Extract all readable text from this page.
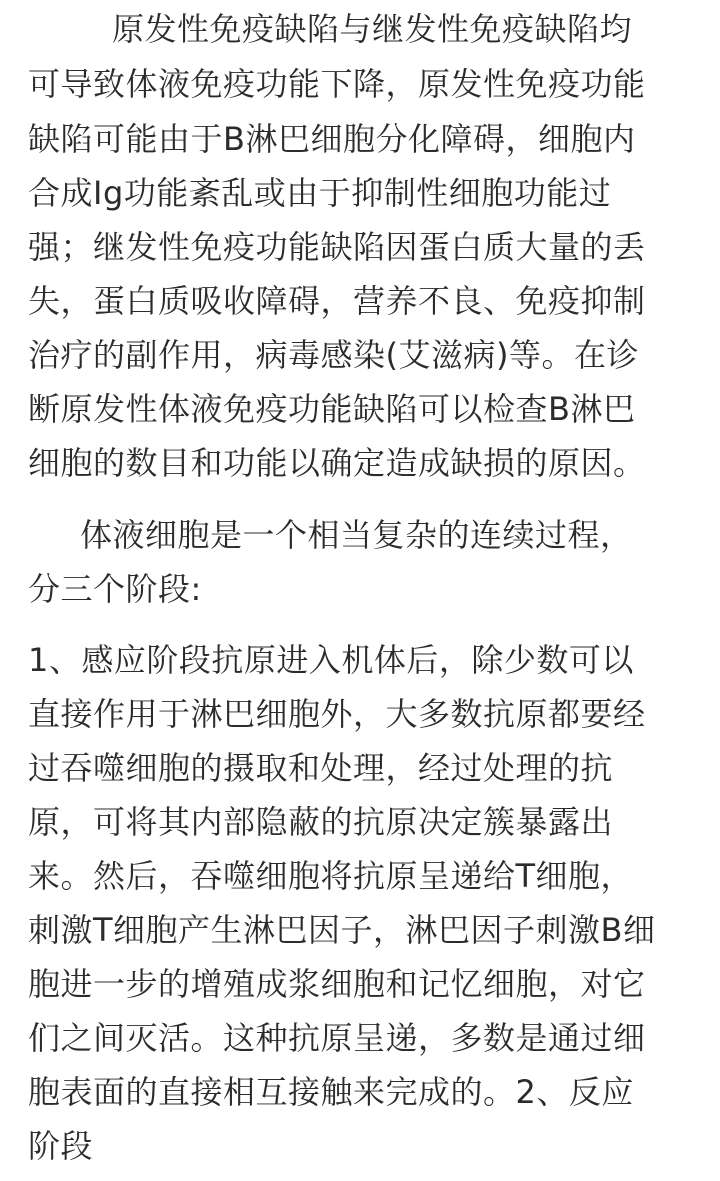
原发性免疫缺陷与继发性免疫缺陷均
可导致体液免疫功能下降，原发性免疫功能
缺陷可能由于B淋巴细胞分化障碍，细胞内
合成Ig功能紊乱或由于抑制性细胞功能过
强；继发性免疫功能缺陷因蛋白质大量的丢
失，蛋白质吸收障碍，营养不良、免疫抑制
治疗的副作用，病毒感染(艾滋病)等。在诊
断原发性体液免疫功能缺陷可以检查B淋巴
细胞的数目和功能以确定造成缺损的原因。
体液细胞是一个相当复杂的连续过程，
分三个阶段:
1、感应阶段抗原进入机体后，除少数可以
直接作用于淋巴细胞外，大多数抗原都要经
过吞噬细胞的摄取和处理，经过处理的抗
原，可将其内部隐蔽的抗原决定簇暴露出
来。然后，吞噬细胞将抗原呈递给T细胞，
刺激T细胞产生淋巴因子，淋巴因子刺激B细
胞进一步的增殖成浆细胞和记忆细胞，对它
们之间灭活。这种抗原呈递，多数是通过细
胞表面的直接相互接触来完成的。2、反应
阶段
